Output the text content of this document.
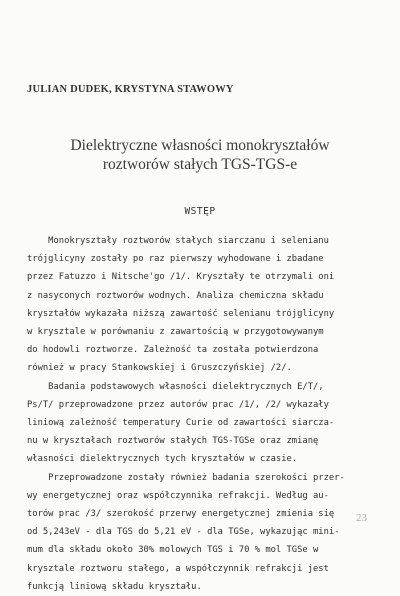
JULIAN DUDEK, KRYSTYNA STAWOWY
Dielektryczne własności monokryształów
roztworów stałych TGS-TGS-e
WSTĘP
Monokryształy roztworów stałych siarczanu i selenianu
trójglicyny zostały po raz pierwszy wyhodowane i zbadane
przez Fatuzzo i Nitsche'go /1/. Kryształy te otrzymali oni
z nasyconych roztworów wodnych. Analiza chemiczna składu
kryształów wykazała niższą zawartość selenianu trójglicyny
w krysztale w porównaniu z zawartością w przygotowywanym
do hodowli roztworze. Zależność ta została potwierdzona
również w pracy Stankowskiej i Gruszczyńskiej /2/.
Badania podstawowych własności dielektrycznych E/T/,
Ps/T/ przeprowadzone przez autorów prac /1/, /2/ wykazały
liniową zależność temperatury Curie od zawartości siarcza-
nu w kryształach roztworów stałych TGS-TGSe oraz zmianę
własności dielektrycznych tych kryształów w czasie.
Przeprowadzone zostały również badania szerokości przer-
wy energetycznej oraz współczynnika refrakcji. Według au-
torów prac /3/ szerokość przerwy energetycznej zmienia się
od 5,243eV - dla TGS do 5,21 eV - dla TGSe, wykazując mini-
mum dla składu około 30% molowych TGS i 70 % mol TGSe w
krysztale roztworu stałego, a współczynnik refrakcji jest
funkcją liniową składu kryształu.
23
